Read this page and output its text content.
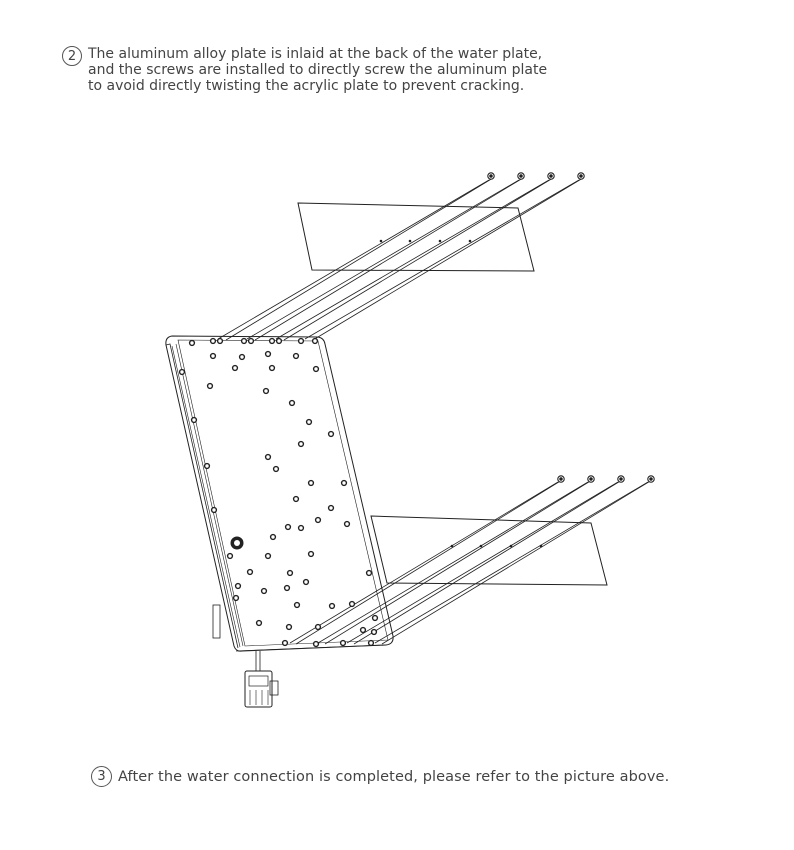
2 The aluminum alloy plate is inlaid at the back of the water plate,
and the screws are installed to directly screw the aluminum plate
to avoid directly twisting the acrylic plate to prevent cracking.
3 After the water connection is completed, please refer to the picture above.
